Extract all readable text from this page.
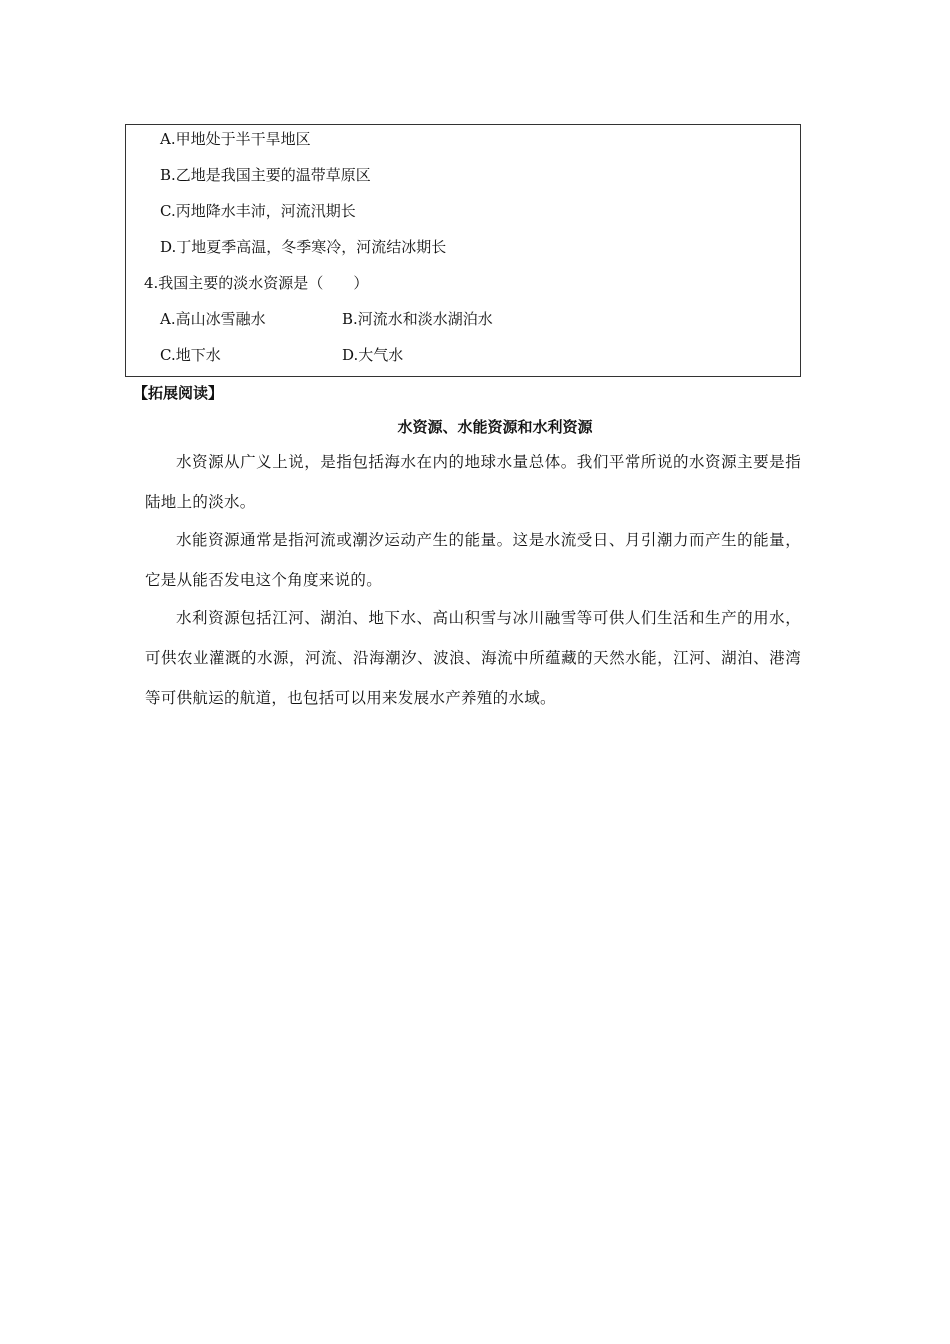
A.甲地处于半干旱地区
B.乙地是我国主要的温带草原区
C.丙地降水丰沛，河流汛期长
D.丁地夏季高温，冬季寒冷，河流结冰期长
4.我国主要的淡水资源是（　　）
A.高山冰雪融水	B.河流水和淡水湖泊水
C.地下水	D.大气水
【拓展阅读】
水资源、水能资源和水利资源

水资源从广义上说，是指包括海水在内的地球水量总体。我们平常所说的水资源主要是指陆地上的淡水。

水能资源通常是指河流或潮汐运动产生的能量。这是水流受日、月引潮力而产生的能量，它是从能否发电这个角度来说的。

水利资源包括江河、湖泊、地下水、高山积雪与冰川融雪等可供人们生活和生产的用水，可供农业灌溉的水源，河流、沿海潮汐、波浪、海流中所蕴藏的天然水能，江河、湖泊、港湾等可供航运的航道，也包括可以用来发展水产养殖的水域。
